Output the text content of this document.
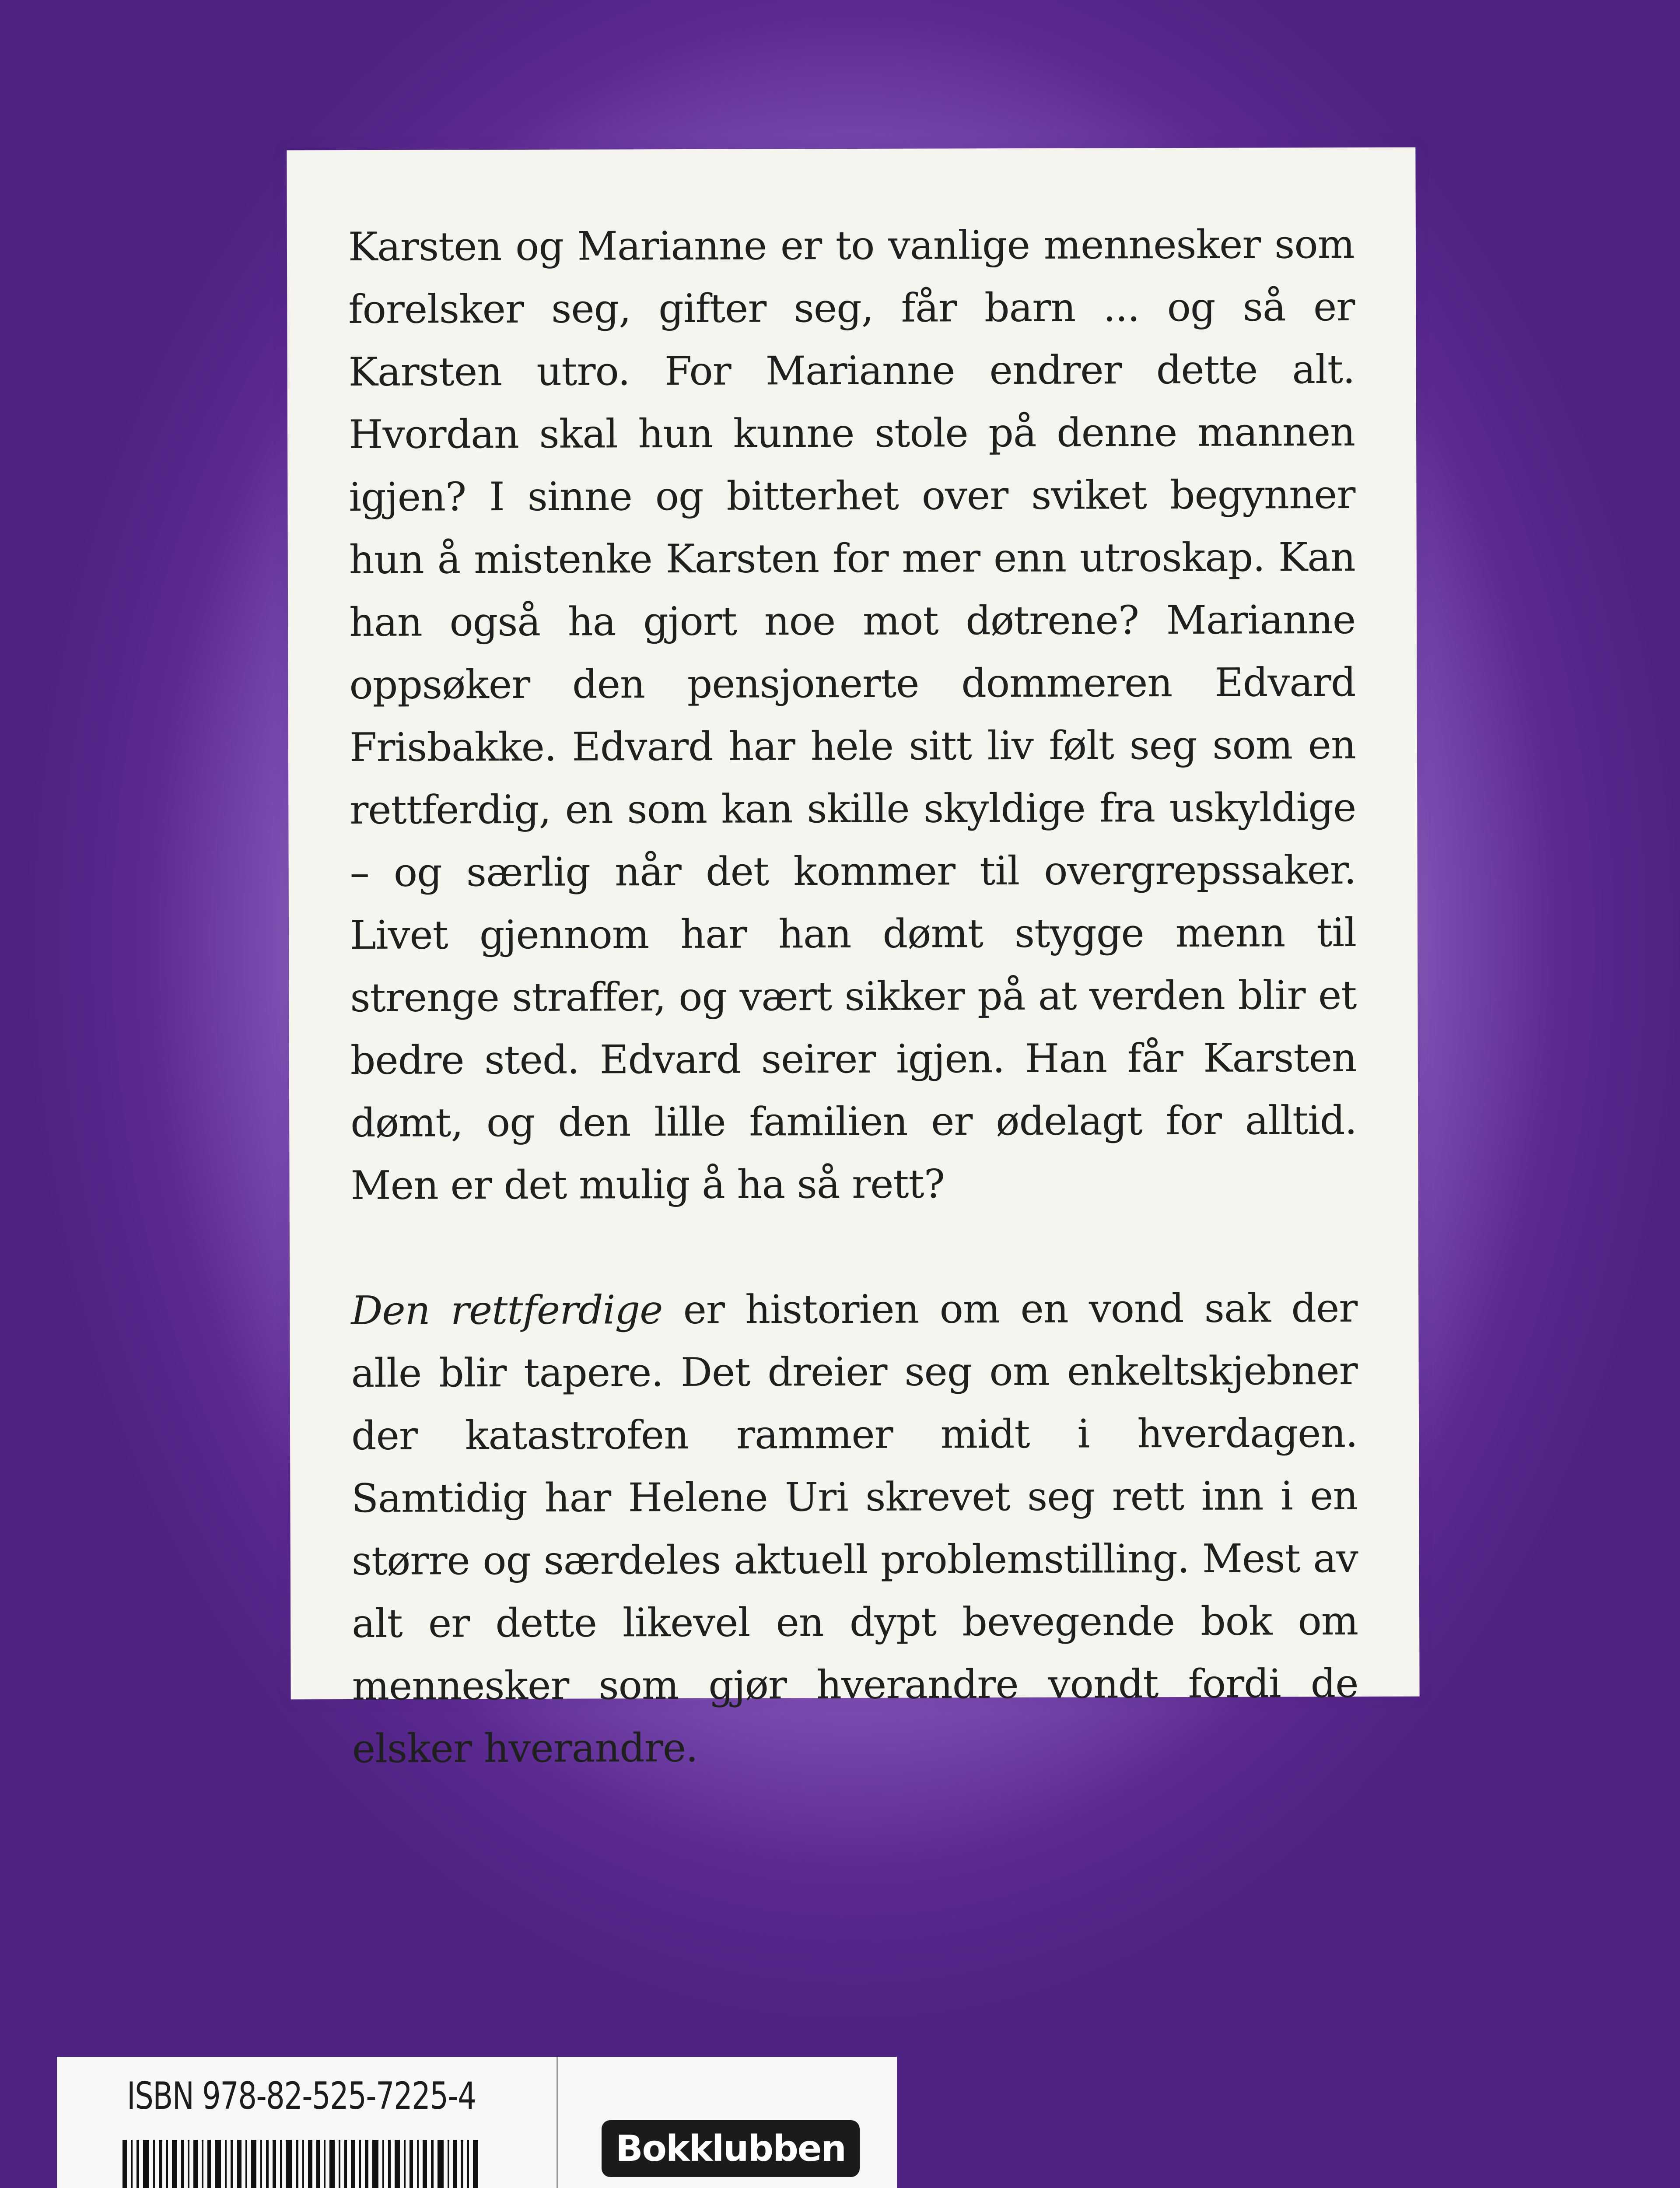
Karsten og Marianne er to vanlige mennesker som forelsker seg, gifter seg, får barn ... og så er Karsten utro. For Marianne endrer dette alt. Hvordan skal hun kunne stole på denne mannen igjen? I sinne og bitterhet over sviket begynner hun å mistenke Karsten for mer enn utroskap. Kan han også ha gjort noe mot døtrene? Marianne oppsøker den pensjonerte dommeren Edvard Frisbakke. Edvard har hele sitt liv følt seg som en rettferdig, en som kan skille skyldige fra uskyldige – og særlig når det kommer til overgrepssaker. Livet gjennom har han dømt stygge menn til strenge straffer, og vært sikker på at verden blir et bedre sted. Edvard seirer igjen. Han får Karsten dømt, og den lille familien er ødelagt for alltid. Men er det mulig å ha så rett?

Den rettferdige er historien om en vond sak der alle blir tapere. Det dreier seg om enkeltskjebner der katastrofen rammer midt i hverdagen. Samtidig har Helene Uri skrevet seg rett inn i en større og særdeles aktuell problemstilling. Mest av alt er dette likevel en dypt bevegende bok om mennesker som gjør hverandre vondt fordi de elsker hverandre.

ISBN 978-82-525-7225-4
Bokklubben
